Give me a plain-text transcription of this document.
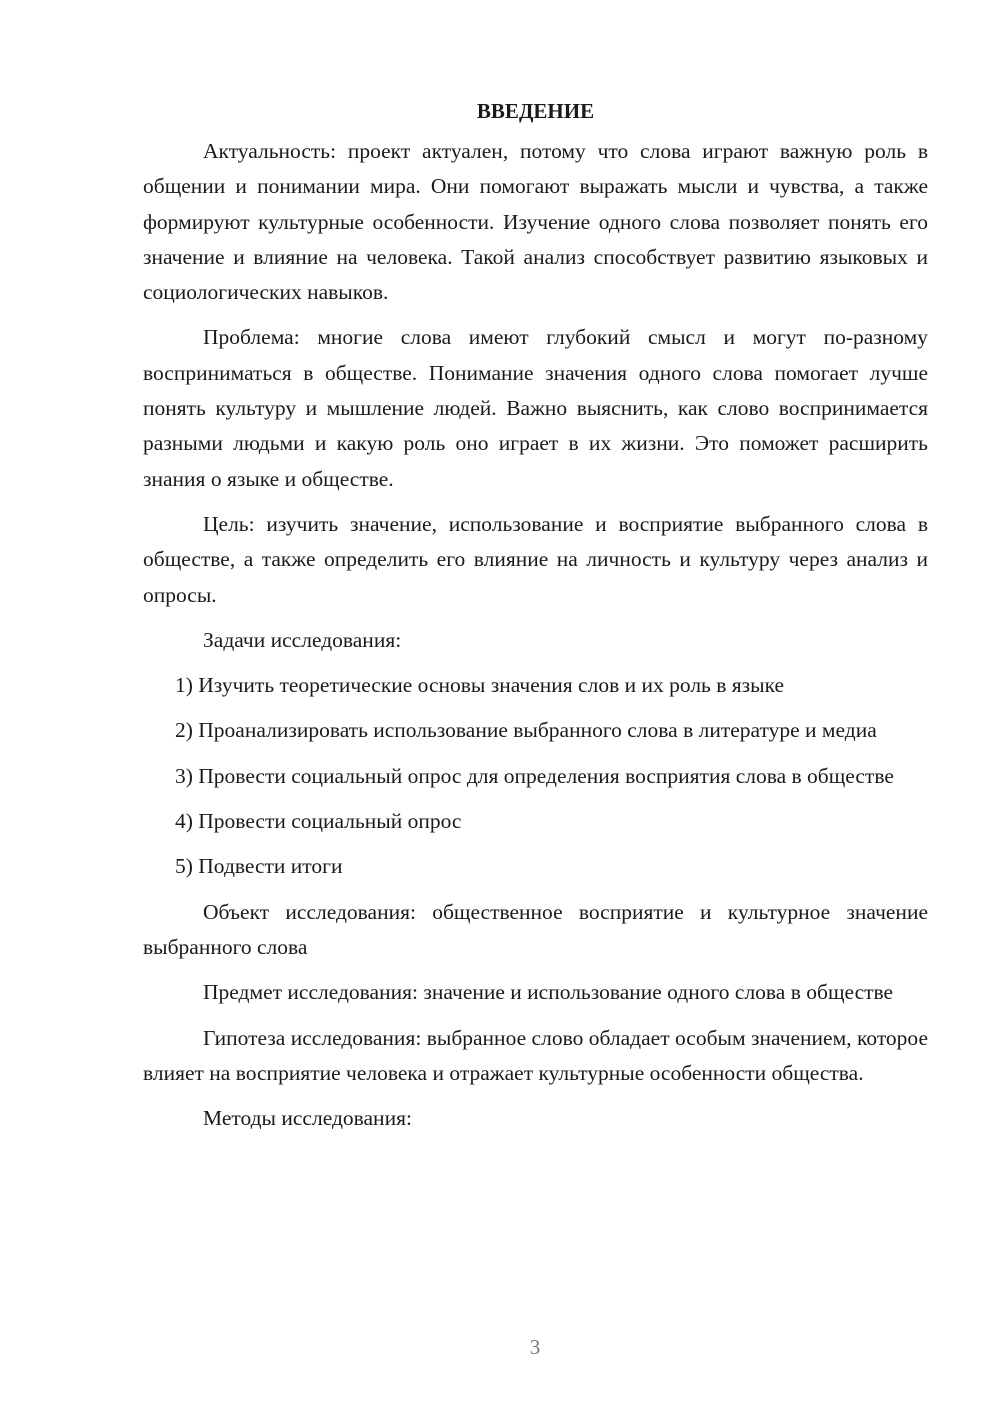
ВВЕДЕНИЕ
Актуальность: проект актуален, потому что слова играют важную роль в общении и понимании мира. Они помогают выражать мысли и чувства, а также формируют культурные особенности. Изучение одного слова позволяет понять его значение и влияние на человека. Такой анализ способствует развитию языковых и социологических навыков.
Проблема: многие слова имеют глубокий смысл и могут по-разному восприниматься в обществе. Понимание значения одного слова помогает лучше понять культуру и мышление людей. Важно выяснить, как слово воспринимается разными людьми и какую роль оно играет в их жизни. Это поможет расширить знания о языке и обществе.
Цель: изучить значение, использование и восприятие выбранного слова в обществе, а также определить его влияние на личность и культуру через анализ и опросы.
Задачи исследования:
1) Изучить теоретические основы значения слов и их роль в языке
2) Проанализировать использование выбранного слова в литературе и медиа
3) Провести социальный опрос для определения восприятия слова в обществе
4) Провести социальный опрос
5) Подвести итоги
Объект исследования: общественное восприятие и культурное значение выбранного слова
Предмет исследования: значение и использование одного слова в обществе
Гипотеза исследования: выбранное слово обладает особым значением, которое влияет на восприятие человека и отражает культурные особенности общества.
Методы исследования:
3
